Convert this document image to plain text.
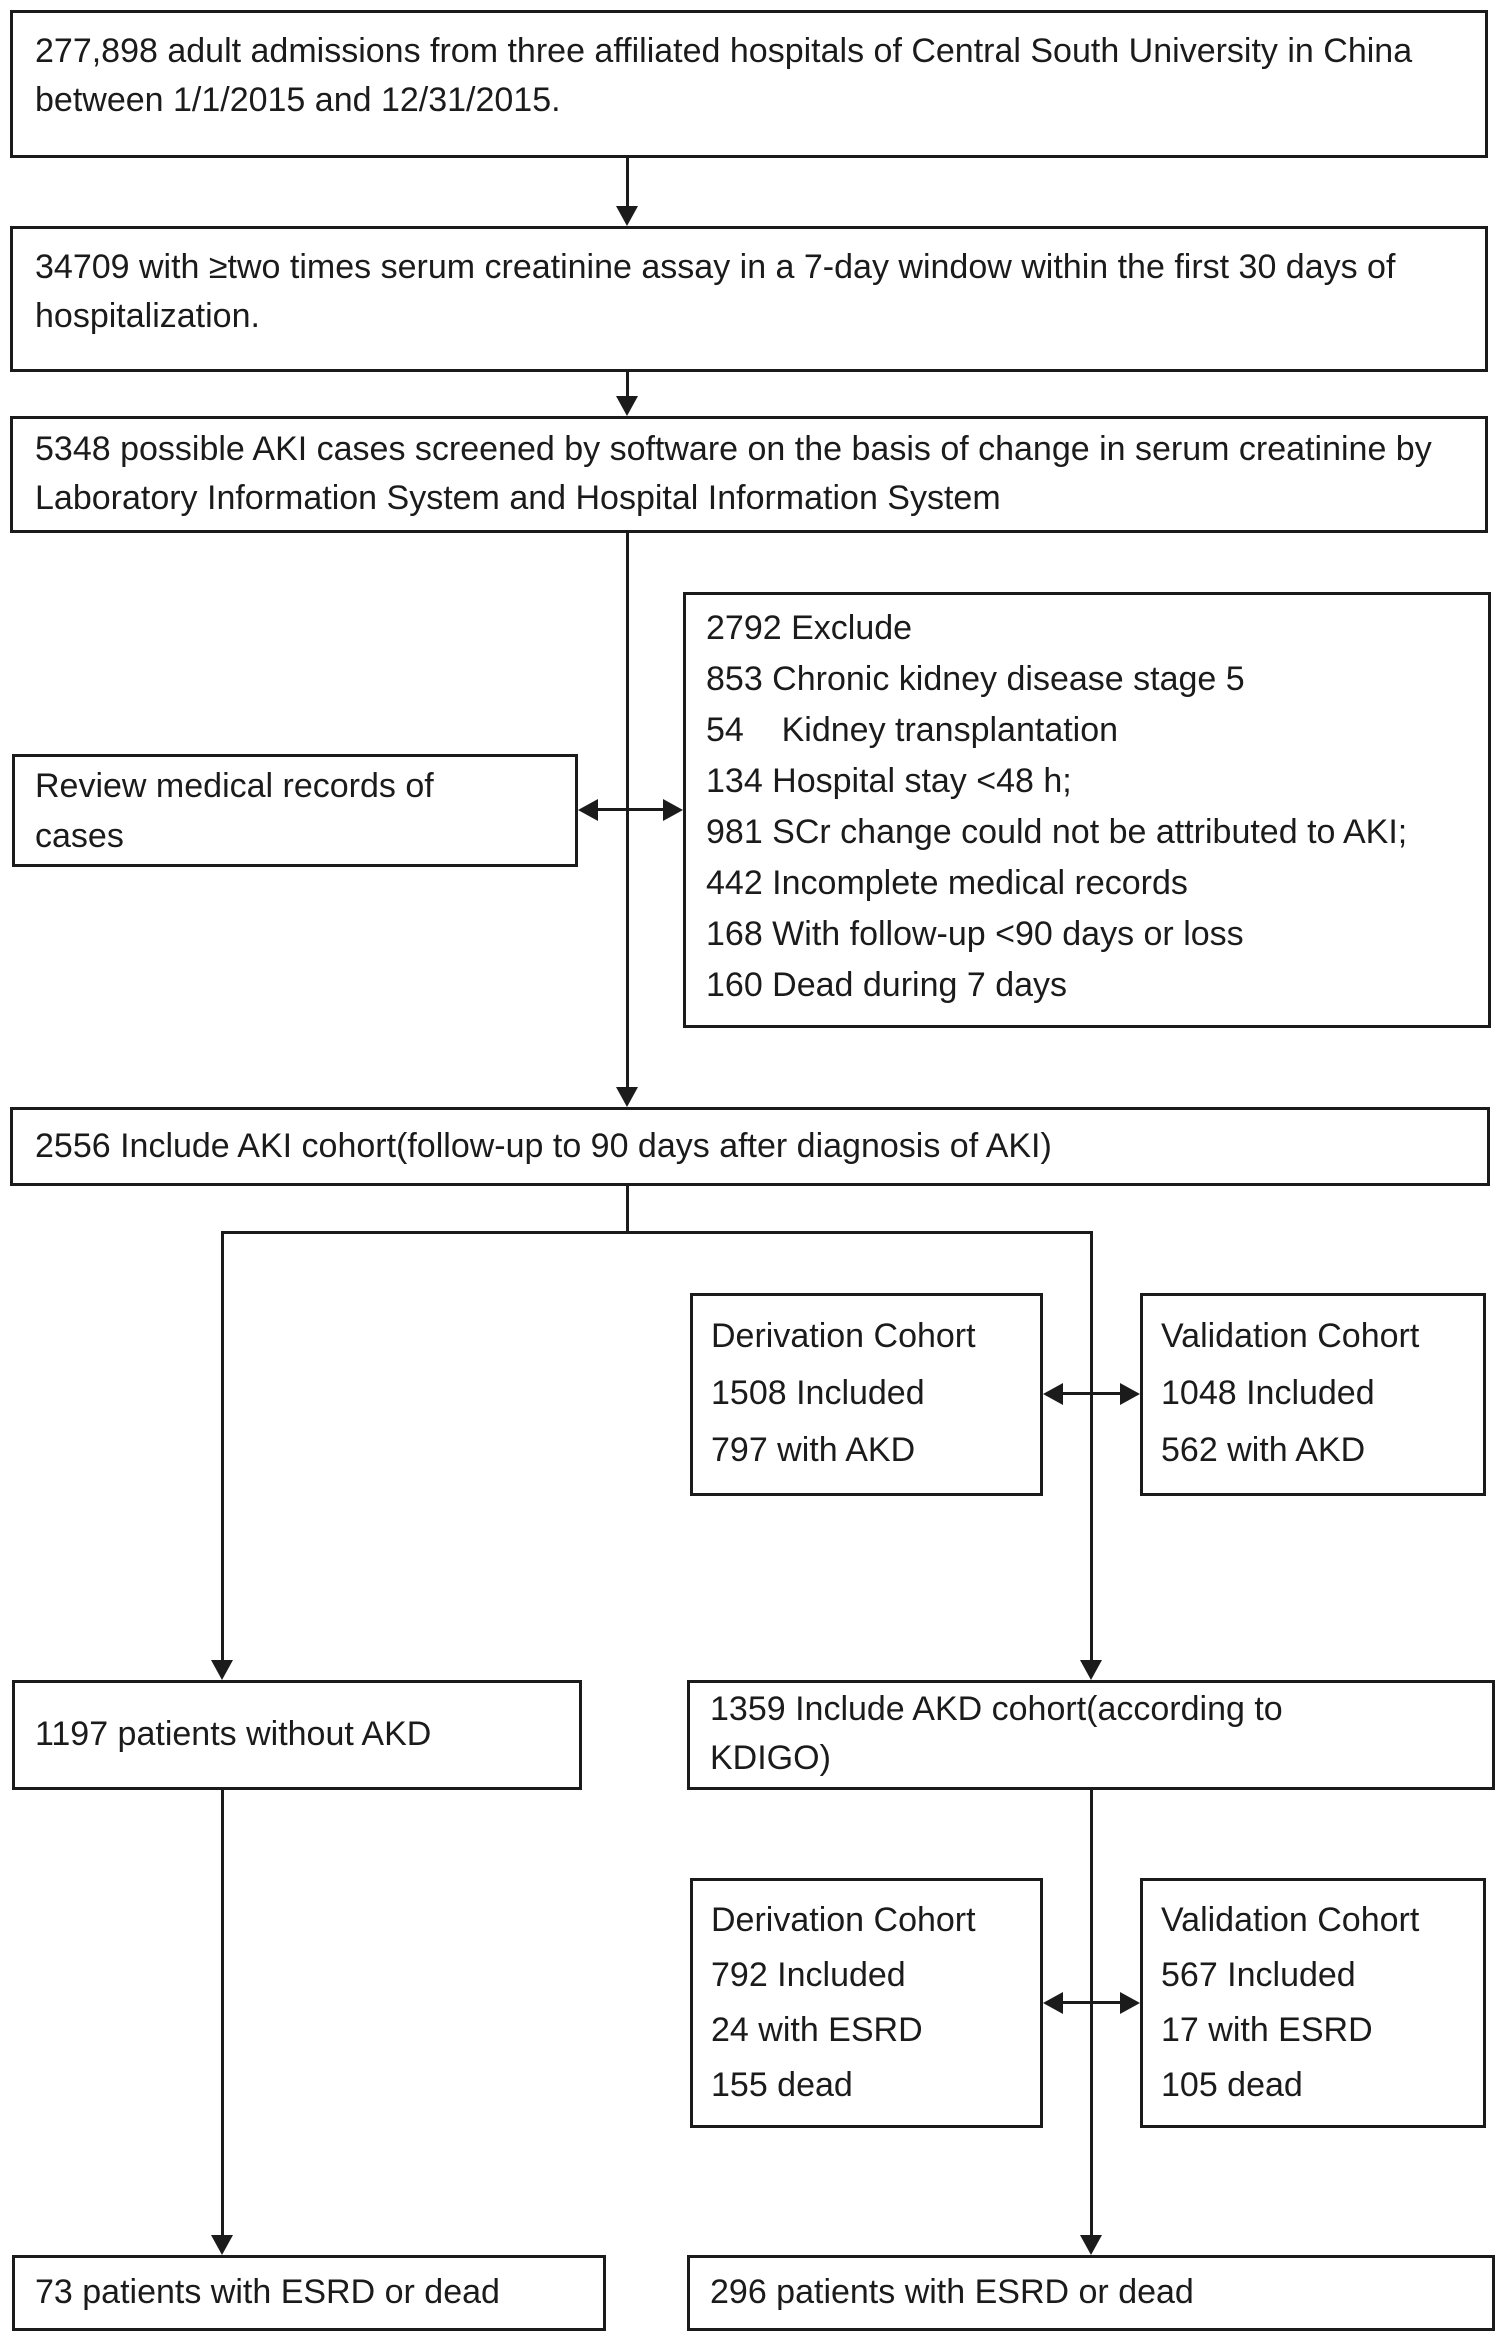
277,898 adult admissions from three affiliated hospitals of Central South University in China between 1/1/2015 and 12/31/2015.
34709 with ≥two times serum creatinine assay in a 7-day window within the first 30 days of hospitalization.
5348 possible AKI cases screened by software on the basis of change in serum creatinine by Laboratory Information System and Hospital Information System
2792 Exclude
853 Chronic kidney disease stage 5
54    Kidney transplantation
134 Hospital stay <48 h;
981 SCr change could not be attributed to AKI;
442 Incomplete medical records
168 With follow-up <90 days or loss
160 Dead during 7 days
Review medical records of cases
2556 Include AKI cohort(follow-up to 90 days after diagnosis of AKI)
Derivation Cohort
1508 Included
797 with AKD
Validation Cohort
1048 Included
562 with AKD
1197 patients without AKD
1359 Include AKD cohort(according to KDIGO)
Derivation Cohort
792 Included
24 with ESRD
155 dead
Validation Cohort
567 Included
17 with ESRD
105 dead
73 patients with ESRD or dead	296 patients with ESRD or dead
